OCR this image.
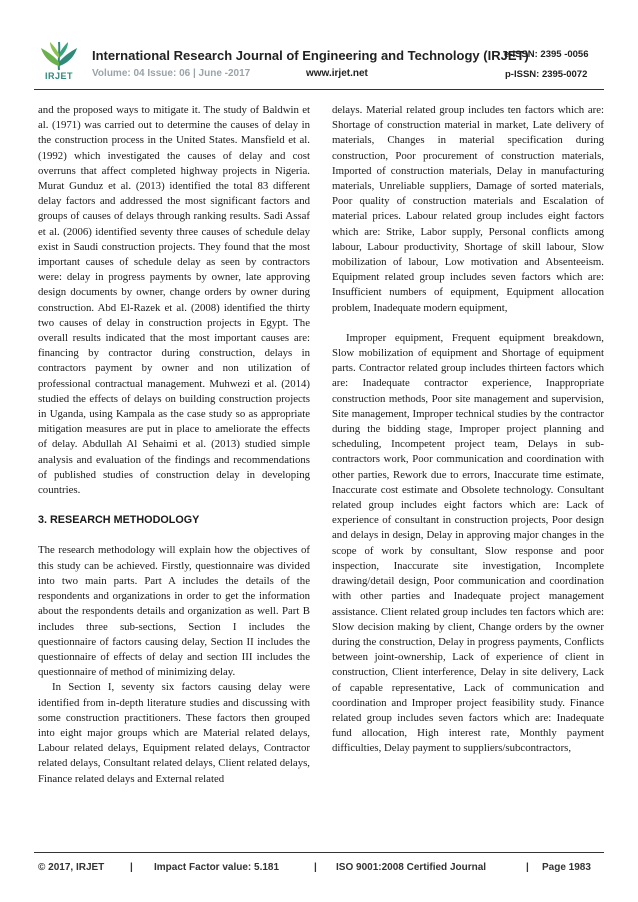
IRJET
International Research Journal of Engineering and Technology (IRJET)
e-ISSN: 2395 -0056
Volume: 04 Issue: 06 | June -2017	www.irjet.net	p-ISSN: 2395-0072

and the proposed ways to mitigate it. The study of Baldwin et al. (1971) was carried out to determine the causes of delay in the construction process in the United States. Mansfield et al. (1992) which investigated the causes of delay and cost overruns that affect completed highway projects in Nigeria. Murat Gunduz et al. (2013) identified the total 83 different delay factors and addressed the most significant factors and groups of causes of delays through ranking results. Sadi Assaf et al. (2006) identified seventy three causes of schedule delay exist in Saudi construction projects. They found that the most important causes of schedule delay as seen by contractors were: delay in progress payments by owner, late approving design documents by owner, change orders by owner during construction. Abd El-Razek et al. (2008) identified the thirty two causes of delay in construction projects in Egypt. The overall results indicated that the most important causes are: financing by contractor during construction, delays in contractors payment by owner and non utilization of professional contractual management. Muhwezi et al. (2014) studied the effects of delays on building construction projects in Uganda, using Kampala as the case study so as appropriate mitigation measures are put in place to ameliorate the effects of delay. Abdullah Al Sehaimi et al. (2013) studied simple analysis and evaluation of the findings and recommendations of published studies of construction delay in developing countries.

3. RESEARCH METHODOLOGY

The research methodology will explain how the objectives of this study can be achieved. Firstly, questionnaire was divided into two main parts. Part A includes the details of the respondents and organizations in order to get the information about the respondents details and organization as well. Part B includes three sub-sections, Section I includes the questionnaire of factors causing delay, Section II includes the questionnaire of effects of delay and section III includes the questionnaire of method of minimizing delay.

In Section I, seventy six factors causing delay were identified from in-depth literature studies and discussing with some construction practitioners. These factors then grouped into eight major groups which are Material related delays, Labour related delays, Equipment related delays, Contractor related delays, Consultant related delays, Client related delays, Finance related delays and External related

delays. Material related group includes ten factors which are: Shortage of construction material in market, Late delivery of materials, Changes in material specification during construction, Poor procurement of construction materials, Imported of construction materials, Delay in manufacturing materials, Unreliable suppliers, Damage of sorted materials, Poor quality of construction materials and Escalation of material prices. Labour related group includes eight factors which are: Strike, Labor supply, Personal conflicts among labour, Labour productivity, Shortage of skill labour, Slow mobilization of labour, Low motivation and Absenteeism. Equipment related group includes seven factors which are: Insufficient numbers of equipment, Equipment allocation problem, Inadequate modern equipment,

Improper equipment, Frequent equipment breakdown, Slow mobilization of equipment and Shortage of equipment parts. Contractor related group includes thirteen factors which are: Inadequate contractor experience, Inappropriate construction methods, Poor site management and supervision, Site management, Improper technical studies by the contractor during the bidding stage, Improper project planning and scheduling, Incompetent project team, Delays in sub- contractors work, Poor communication and coordination with other parties, Rework due to errors, Inaccurate time estimate, Inaccurate cost estimate and Obsolete technology. Consultant related group includes eight factors which are: Lack of experience of consultant in construction projects, Poor design and delays in design, Delay in approving major changes in the scope of work by consultant, Slow response and poor inspection, Inaccurate site investigation, Incomplete drawing/detail design, Poor communication and coordination with other parties and Inadequate project management assistance. Client related group includes ten factors which are: Slow decision making by client, Change orders by the owner during the construction, Delay in progress payments, Conflicts between joint-ownership, Lack of experience of client in construction, Client interference, Delay in site delivery, Lack of capable representative, Lack of communication and coordination and Improper project feasibility study. Finance related group includes seven factors which are: Inadequate fund allocation, High interest rate, Monthly payment difficulties, Delay payment to suppliers/subcontractors,

© 2017, IRJET	| Impact Factor value: 5.181	| ISO 9001:2008 Certified Journal	| Page 1983
